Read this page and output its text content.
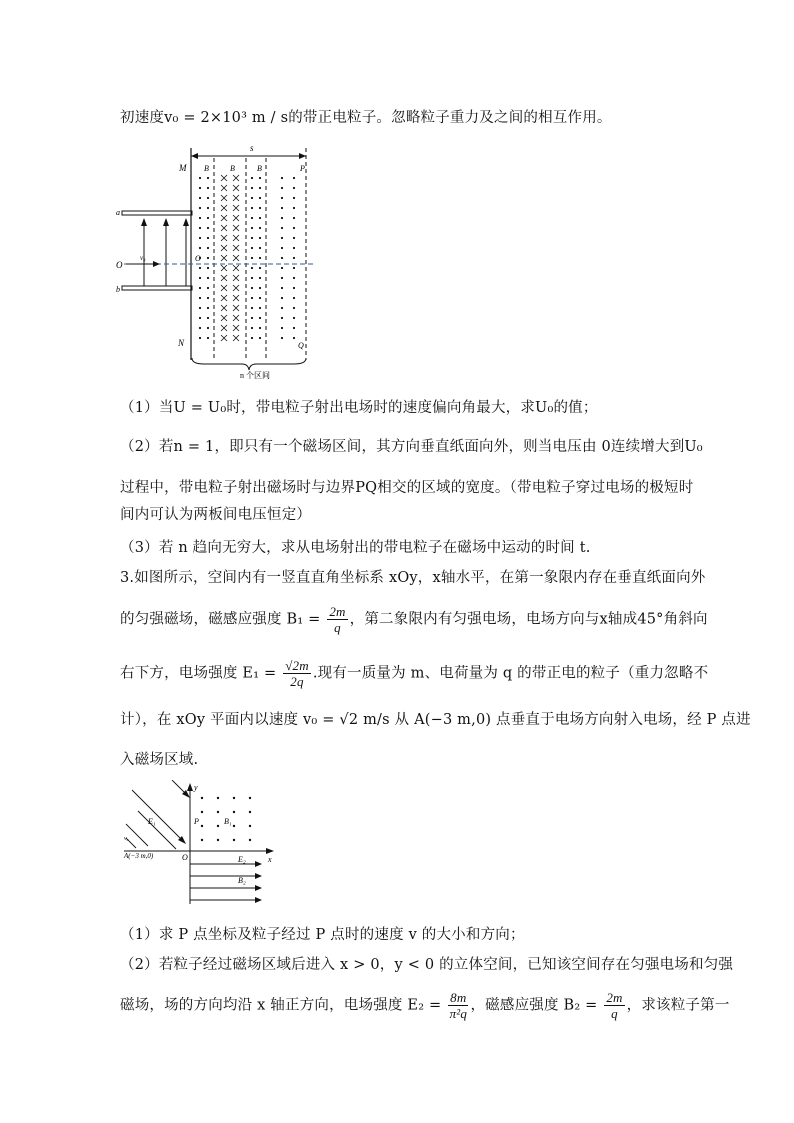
初速度v₀ = 2×10³ m / s的带正电粒子。忽略粒子重力及之间的相互作用。
s
M
N
P
Q
B	B	B
a
b
O
O
v₀
n 个区间
（1）当U = U₀时，带电粒子射出电场时的速度偏向角最大，求U₀的值；
（2）若n = 1，即只有一个磁场区间，其方向垂直纸面向外，则当电压由 0连续增大到U₀
过程中，带电粒子射出磁场时与边界PQ相交的区域的宽度。（带电粒子穿过电场的极短时
间内可认为两板间电压恒定）
（3）若 n 趋向无穷大，求从电场射出的带电粒子在磁场中运动的时间 t.
3.如图所示，空间内有一竖直直角坐标系 xOy，x轴水平，在第一象限内存在垂直纸面向外
的匀强磁场，磁感应强度 $B_1 = \frac{2m}{q}$ ，第二象限内有匀强电场，电场方向与x轴成45°角斜向
右下方，电场强度 $E_1 = \frac{√2m}{2q}$ .现有一质量为 m、电荷量为 q 的带正电的粒子（重力忽略不
计），在 xOy 平面内以速度 v₀ = √2 m/s 从 A(−3 m,0) 点垂直于电场方向射入电场，经 P 点进
入磁场区域.
y
x
O
E₁
v₀
A(−3 m,0)
P	B₁
E₂
B₂
（1）求 P 点坐标及粒子经过 P 点时的速度 v 的大小和方向；
（2）若粒子经过磁场区域后进入 x > 0，y < 0 的立体空间，已知该空间存在匀强电场和匀强
磁场，场的方向均沿 x 轴正方向，电场强度 $E_2 = \frac{8m}{\text{π²q}}$ ，磁感应强度 $B_2 = \frac{2m}{q}$ ，求该粒子第一
